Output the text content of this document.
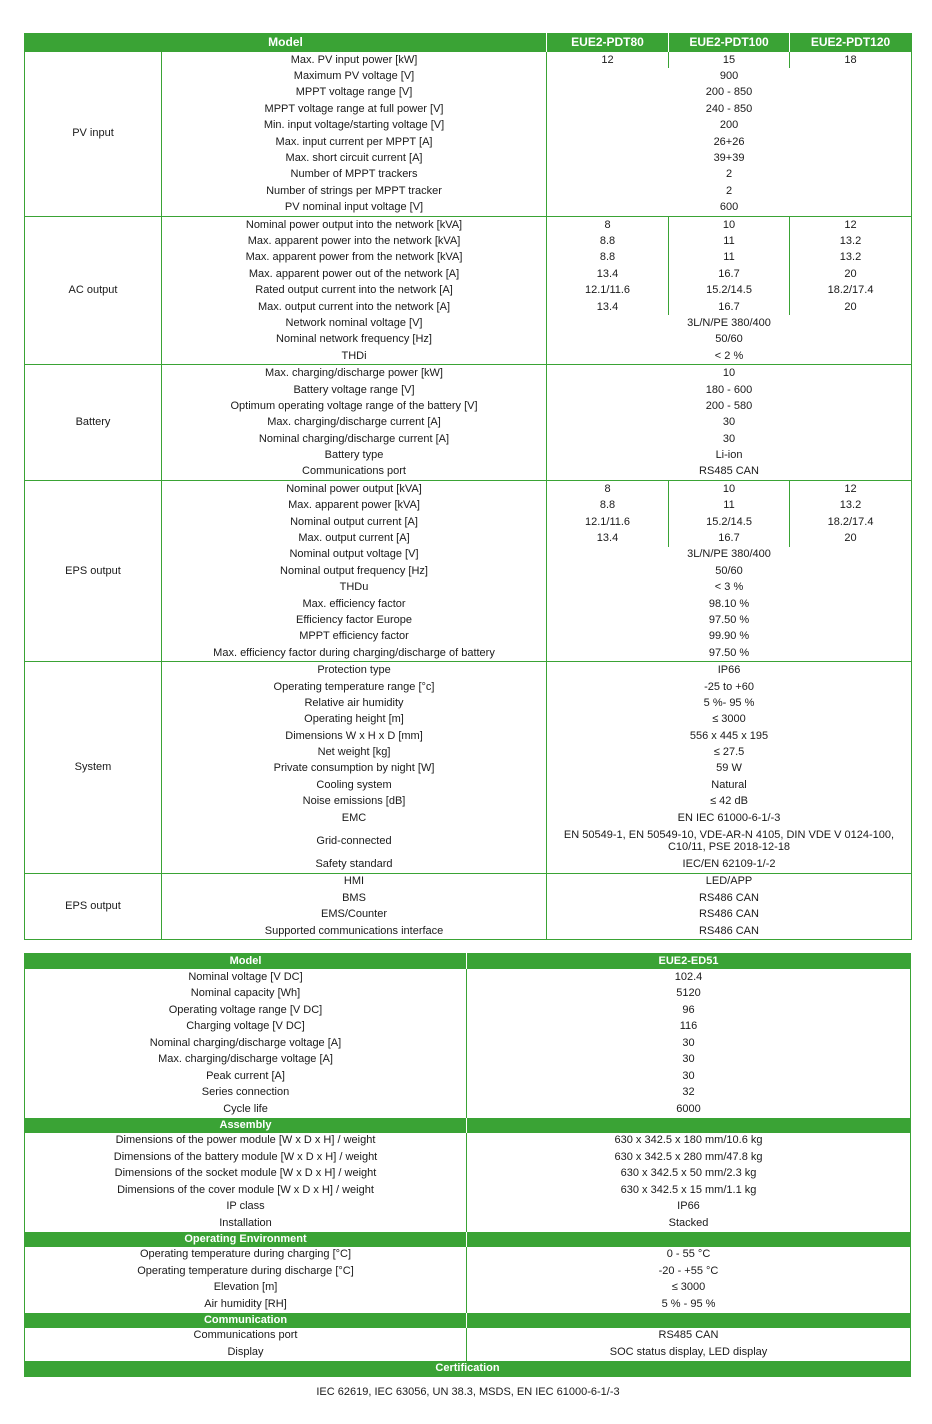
Model		EUE2-PDT80	EUE2-PDT100	EUE2-PDT120
PV input	Max. PV input power [kW]	12	15	18
	Maximum PV voltage [V]	900		
	MPPT voltage range [V]	200 - 850		
	MPPT voltage range at full power [V]	240 - 850		
	Min. input voltage/starting voltage [V]	200		
	Max. input current per MPPT [A]	26+26		
	Max. short circuit current [A]	39+39		
	Number of MPPT trackers	2		
	Number of strings per MPPT tracker	2		
	PV nominal input voltage [V]	600		
AC output	Nominal power output into the network [kVA]	8	10	12
	Max. apparent power into the network [kVA]	8.8	11	13.2
	Max. apparent power from the network [kVA]	8.8	11	13.2
	Max. apparent power out of the network [A]	13.4	16.7	20
	Rated output current into the network [A]	12.1/11.6	15.2/14.5	18.2/17.4
	Max. output current into the network [A]	13.4	16.7	20
	Network nominal voltage [V]	3L/N/PE 380/400		
	Nominal network frequency [Hz]	50/60		
	THDi	< 2 %		
Battery	Max. charging/discharge power [kW]	10		
	Battery voltage range [V]	180 - 600		
	Optimum operating voltage range of the battery [V]	200 - 580		
	Max. charging/discharge current [A]	30		
	Nominal charging/discharge current [A]	30		
	Battery type	Li-ion		
	Communications port	RS485 CAN		
EPS output	Nominal power output [kVA]	8	10	12
	Max. apparent power [kVA]	8.8	11	13.2
	Nominal output current [A]	12.1/11.6	15.2/14.5	18.2/17.4
	Max. output current [A]	13.4	16.7	20
	Nominal output voltage [V]	3L/N/PE 380/400		
	Nominal output frequency [Hz]	50/60		
	THDu	< 3 %		
	Max. efficiency factor	98.10 %		
	Efficiency factor Europe	97.50 %		
	MPPT efficiency factor	99.90 %		
	Max. efficiency factor during charging/discharge of battery	97.50 %		
System	Protection type	IP66		
	Operating temperature range [°c]	-25 to +60		
	Relative air humidity	5 %- 95 %		
	Operating height [m]	≤ 3000		
	Dimensions W x H x D [mm]	556 x 445 x 195		
	Net weight [kg]	≤ 27.5		
	Private consumption by night [W]	59 W		
	Cooling system	Natural		
	Noise emissions [dB]	≤ 42 dB		
	EMC	EN IEC 61000-6-1/-3		
	Grid-connected	EN 50549-1, EN 50549-10, VDE-AR-N 4105, DIN VDE V 0124-100, C10/11, PSE 2018-12-18		
	Safety standard	IEC/EN 62109-1/-2		
EPS output	HMI	LED/APP		
	BMS	RS486 CAN		
	EMS/Counter	RS486 CAN		
	Supported communications interface	RS486 CAN		
Model	EUE2-ED51
Nominal voltage [V DC]	102.4
Nominal capacity [Wh]	5120
Operating voltage range [V DC]	96
Charging voltage [V DC]	116
Nominal charging/discharge voltage [A]	30
Max. charging/discharge voltage [A]	30
Peak current [A]	30
Series connection	32
Cycle life	6000
Assembly	
Dimensions of the power module [W x D x H] / weight	630 x 342.5 x 180 mm/10.6 kg
Dimensions of the battery module [W x D x H] / weight	630 x 342.5 x 280 mm/47.8 kg
Dimensions of the socket module [W x D x H] / weight	630 x 342.5 x 50 mm/2.3 kg
Dimensions of the cover module [W x D x H] / weight	630 x 342.5 x 15 mm/1.1 kg
IP class	IP66
Installation	Stacked
Operating Environment	
Operating temperature during charging [°C]	0 - 55 °C
Operating temperature during discharge [°C]	-20 - +55 °C
Elevation [m]	≤ 3000
Air humidity [RH]	5 % - 95 %
Communication	
Communications port	RS485 CAN
Display	SOC status display, LED display
Certification	
IEC 62619, IEC 63056, UN 38.3, MSDS, EN IEC 61000-6-1/-3
